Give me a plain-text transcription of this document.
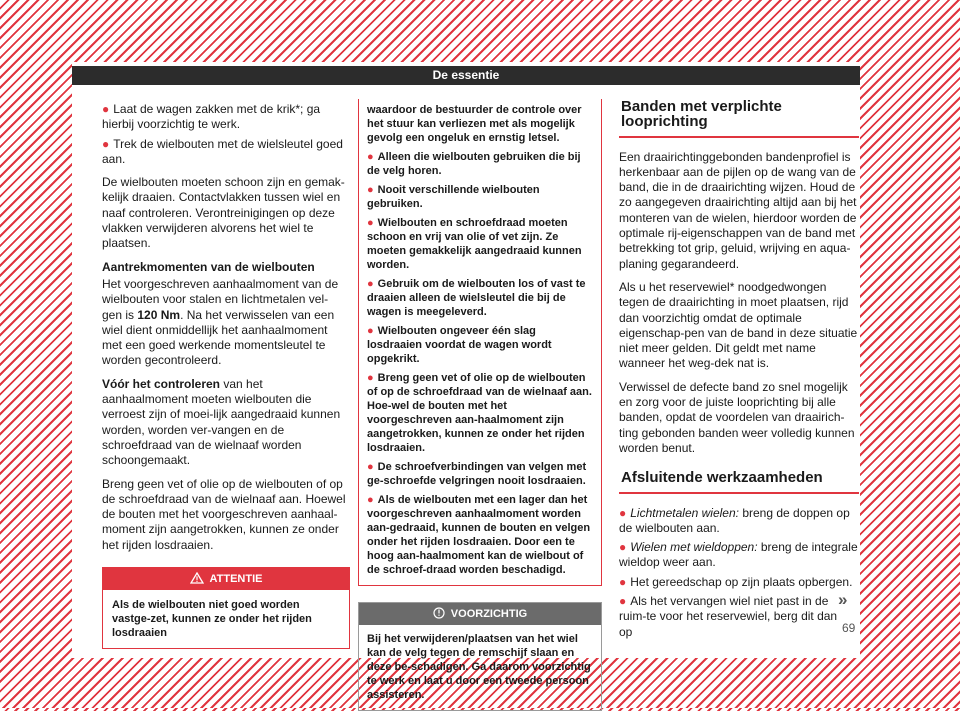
De essentie
● Laat de wagen zakken met de krik*; ga hierbij voorzichtig te werk.
● Trek de wielbouten met de wielsleutel goed aan.

De wielbouten moeten schoon zijn en gemak-kelijk draaien. Contactvlakken tussen wiel en naaf controleren. Verontreinigingen op deze vlakken verwijderen alvorens het wiel te plaatsen.

Aantrekmomenten van de wielbouten

Het voorgeschreven aanhaalmoment van de wielbouten voor stalen en lichtmetalen vel-gen is 120 Nm. Na het verwisselen van een wiel dient onmiddellijk het aanhaalmoment met een goed werkende momentsleutel te worden gecontroleerd.

Vóór het controleren van het aanhaalmoment moeten wielbouten die verroest zijn of moei-lijk aangedraaid kunnen worden, worden ver-vangen en de schroefdraad van de wielnaaf worden schoongemaakt.

Breng geen vet of olie op de wielbouten of op de schroefdraad van de wielnaaf aan. Hoewel de bouten met het voorgeschreven aanhaal-moment zijn aangetrokken, kunnen ze onder het rijden losdraaien.

ATTENTIE
Als de wielbouten niet goed worden vastge-zet, kunnen ze onder het rijden losdraaien
waardoor de bestuurder de controle over het stuur kan verliezen met als mogelijk gevolg een ongeluk en ernstig letsel.
● Alleen die wielbouten gebruiken die bij de velg horen.
● Nooit verschillende wielbouten gebruiken.
● Wielbouten en schroefdraad moeten schoon en vrij van olie of vet zijn. Ze moeten gemakkelijk aangedraaid kunnen worden.
● Gebruik om de wielbouten los of vast te draaien alleen de wielsleutel die bij de wagen is meegeleverd.
● Wielbouten ongeveer één slag losdraaien voordat de wagen wordt opgekrikt.
● Breng geen vet of olie op de wielbouten of op de schroefdraad van de wielnaaf aan. Hoe-wel de bouten met het voorgeschreven aan-haalmoment zijn aangetrokken, kunnen ze onder het rijden losdraaien.
● De schroefverbindingen van velgen met ge-schroefde velgringen nooit losdraaien.
● Als de wielbouten met een lager dan het voorgeschreven aanhaalmoment worden aan-gedraaid, kunnen de bouten en velgen onder het rijden losdraaien. Door een te hoog aan-haalmoment kan de wielbout of de schroef-draad worden beschadigd.
VOORZICHTIG
Bij het verwijderen/plaatsen van het wiel kan de velg tegen de remschijf slaan en deze be-schadigen. Ga daarom voorzichtig te werk en laat u door een tweede persoon assisteren.
Banden met verplichte looprichting

Een draairichtinggebonden bandenprofiel is herkenbaar aan de pijlen op de wang van de band, die in de draairichting wijzen. Houd de zo aangegeven draairichting altijd aan bij het monteren van de wielen, hierdoor worden de optimale rij-eigenschappen van de band met betrekking tot grip, geluid, wrijving en aqua-planing gegarandeerd.

Als u het reservewiel* noodgedwongen tegen de draairichting in moet plaatsen, rijd dan voorzichtig omdat de optimale eigenschap-pen van de band in deze situatie niet meer gelden. Dit geldt met name wanneer het weg-dek nat is.

Verwissel de defecte band zo snel mogelijk en zorg voor de juiste looprichting bij alle banden, opdat de voordelen van draairich-ting gebonden banden weer volledig kunnen worden benut.

Afsluitende werkzaamheden
● Lichtmetalen wielen: breng de doppen op de wielbouten aan.
● Wielen met wieldoppen: breng de integrale wieldop weer aan.
● Het gereedschap op zijn plaats opbergen.
● Als het vervangen wiel niet past in de ruim-te voor het reservewiel, berg dit dan op
»
69
